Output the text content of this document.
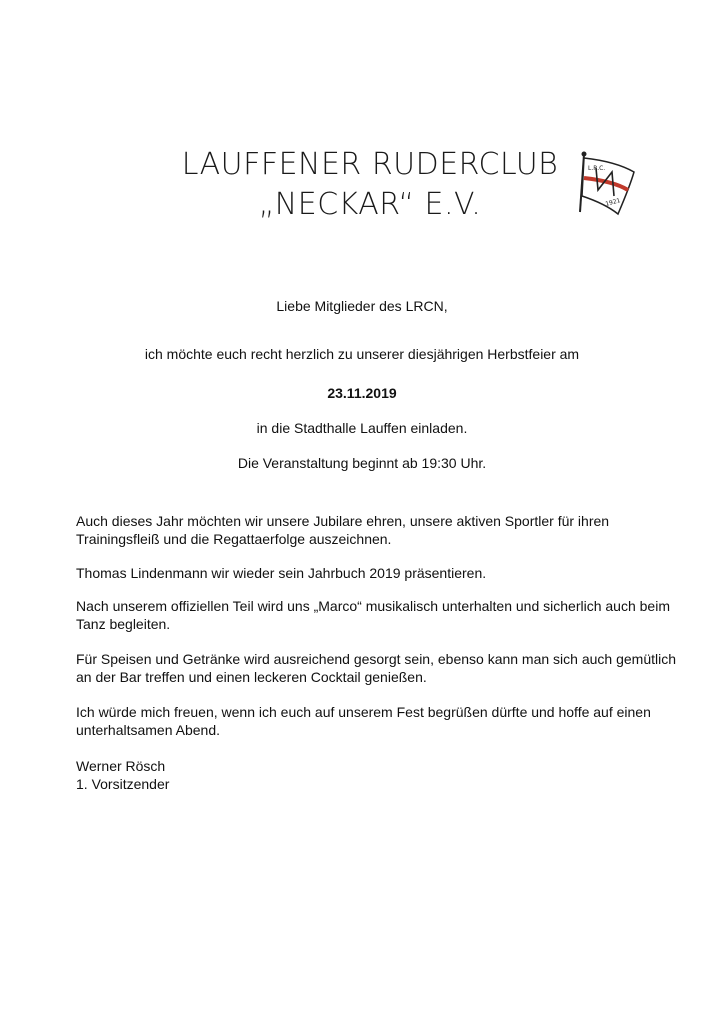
LAUFFENER RUDERCLUB
„NECKAR“ E.V.
L.R.C.
1921
Liebe Mitglieder des LRCN,
ich möchte euch recht herzlich zu unserer diesjährigen Herbstfeier am
23.11.2019
in die Stadthalle Lauffen einladen.
Die Veranstaltung beginnt ab 19:30 Uhr.
Auch dieses Jahr möchten wir unsere Jubilare ehren, unsere aktiven Sportler für ihren Trainingsfleiß und die Regattaerfolge auszeichnen.
Thomas Lindenmann wir wieder sein Jahrbuch 2019 präsentieren.
Nach unserem offiziellen Teil wird uns „Marco“ musikalisch unterhalten und sicherlich auch beim Tanz begleiten.
Für Speisen und Getränke wird ausreichend gesorgt sein, ebenso kann man sich auch gemütlich an der Bar treffen und einen leckeren Cocktail genießen.
Ich würde mich freuen, wenn ich euch auf unserem Fest begrüßen dürfte und hoffe auf einen unterhaltsamen Abend.
Werner Rösch
1. Vorsitzender
